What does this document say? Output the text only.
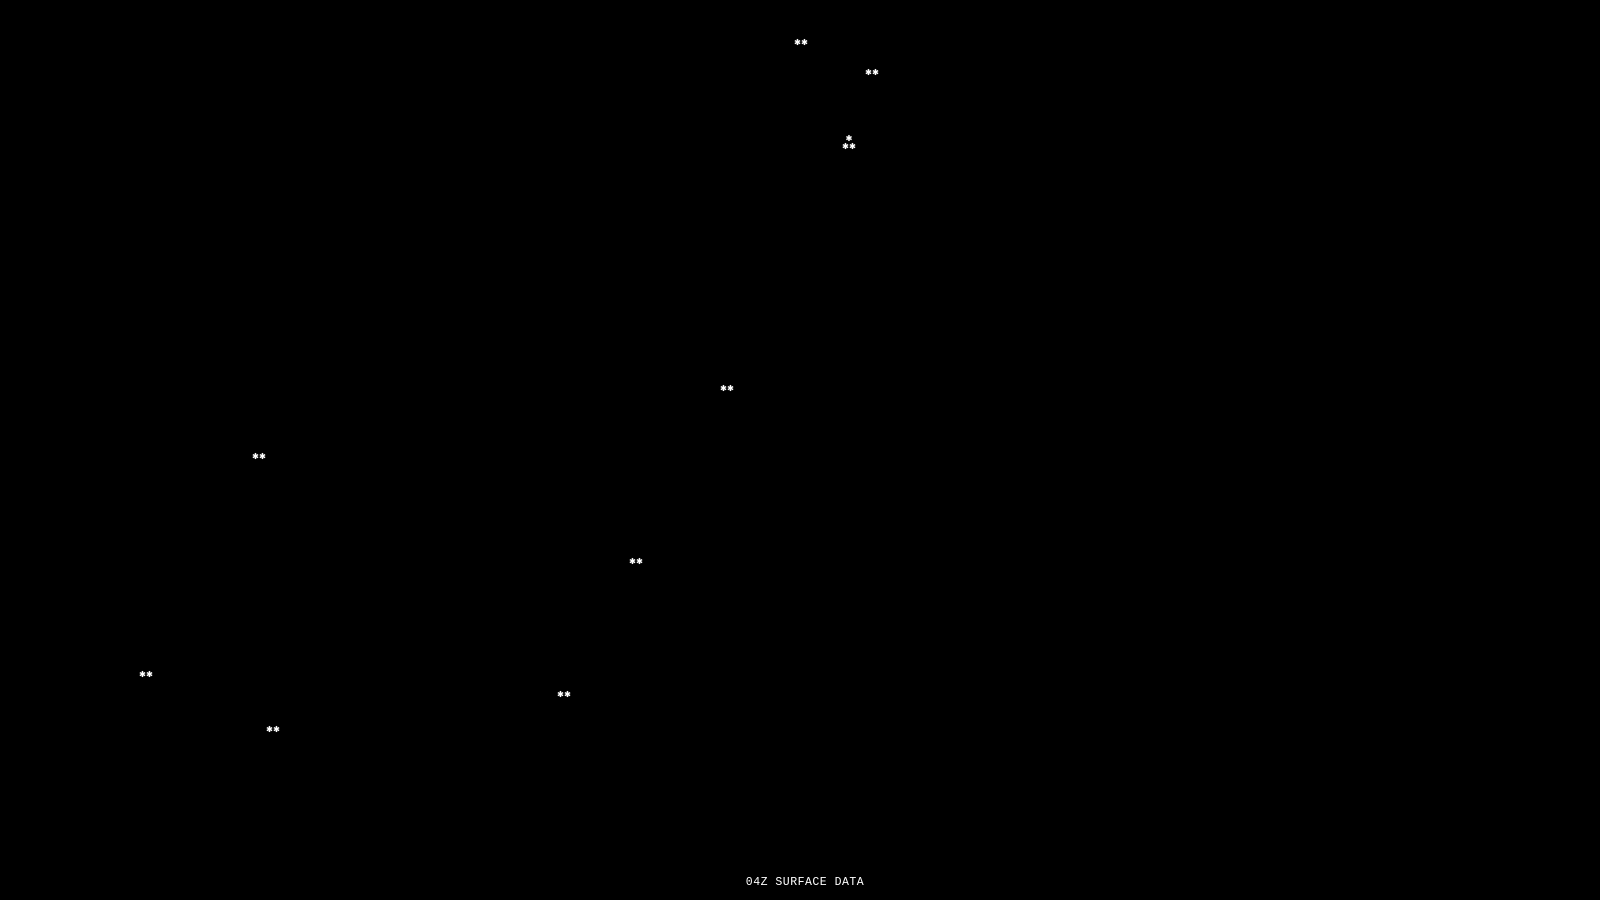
✱ ✱
✱ ✱
✱
✱ ✱
✱ ✱
✱ ✱
✱ ✱
✱ ✱
✱ ✱
✱ ✱
04Z SURFACE DATA
